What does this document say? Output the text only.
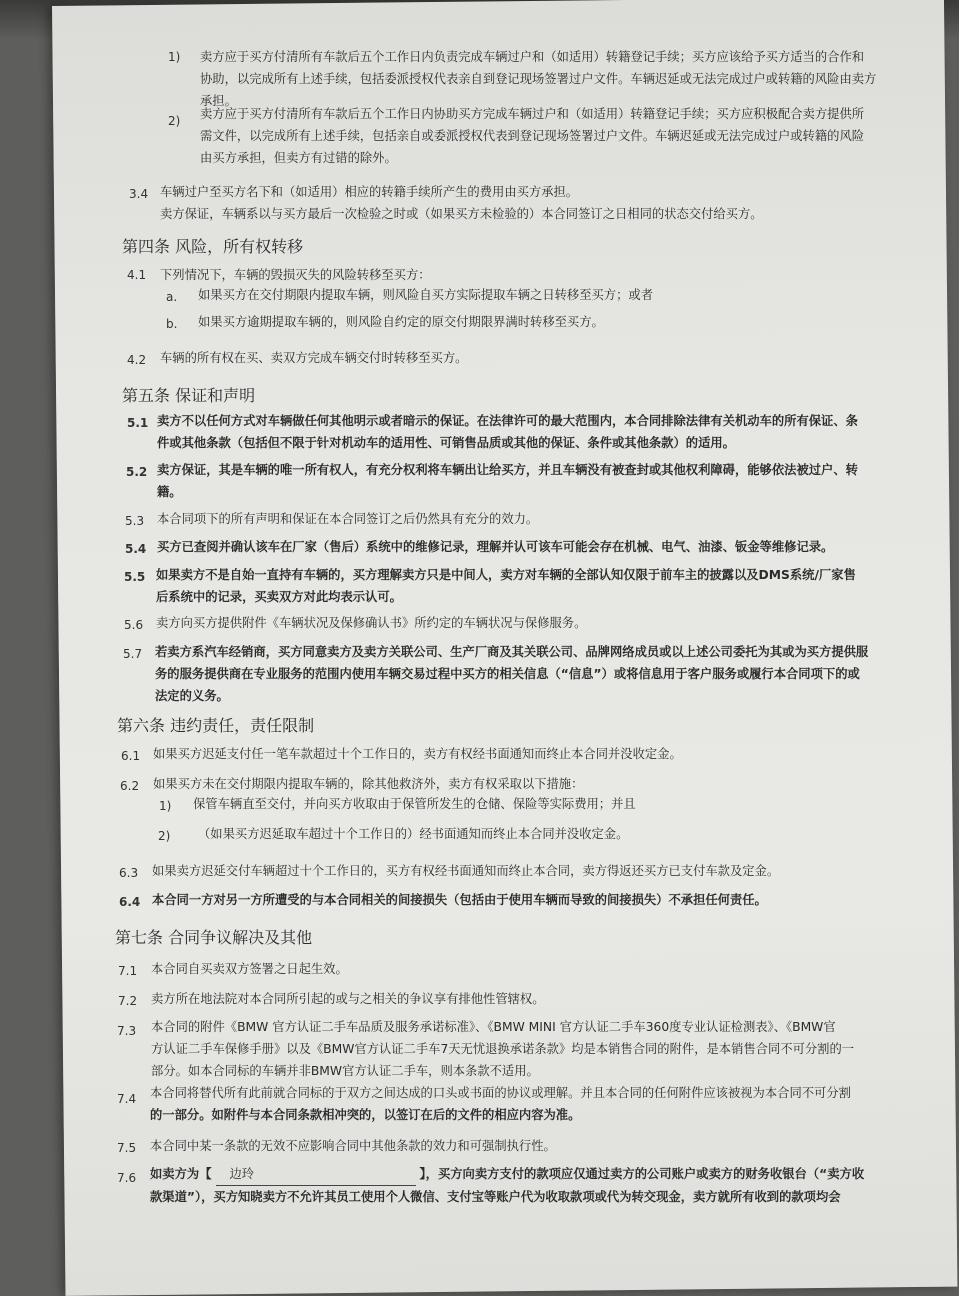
1) 卖方应于买方付清所有车款后五个工作日内负责完成车辆过户和（如适用）转籍登记手续；买方应该给予买方适当的合作和
协助，以完成所有上述手续，包括委派授权代表亲自到登记现场签署过户文件。车辆迟延或无法完成过户或转籍的风险由卖方
承担。
2) 卖方应于买方付清所有车款后五个工作日内协助买方完成车辆过户和（如适用）转籍登记手续；买方应积极配合卖方提供所
需文件，以完成所有上述手续，包括亲自或委派授权代表到登记现场签署过户文件。车辆迟延或无法完成过户或转籍的风险
由买方承担，但卖方有过错的除外。
3.4 车辆过户至买方名下和（如适用）相应的转籍手续所产生的费用由买方承担。
卖方保证，车辆系以与买方最后一次检验之时或（如果买方未检验的）本合同签订之日相同的状态交付给买方。
第四条 风险，所有权转移
4.1 下列情况下，车辆的毁损灭失的风险转移至买方：
a. 如果买方在交付期限内提取车辆，则风险自买方实际提取车辆之日转移至买方；或者
b. 如果买方逾期提取车辆的，则风险自约定的原交付期限界满时转移至买方。
4.2 车辆的所有权在买、卖双方完成车辆交付时转移至买方。
第五条 保证和声明
5.1 卖方不以任何方式对车辆做任何其他明示或者暗示的保证。在法律许可的最大范围内，本合同排除法律有关机动车的所有保证、条
件或其他条款（包括但不限于针对机动车的适用性、可销售品质或其他的保证、条件或其他条款）的适用。
5.2 卖方保证，其是车辆的唯一所有权人，有充分权利将车辆出让给买方，并且车辆没有被查封或其他权利障碍，能够依法被过户、转
籍。
5.3 本合同项下的所有声明和保证在本合同签订之后仍然具有充分的效力。
5.4 买方已查阅并确认该车在厂家（售后）系统中的维修记录，理解并认可该车可能会存在机械、电气、油漆、钣金等维修记录。
5.5 如果卖方不是自始一直持有车辆的，买方理解卖方只是中间人，卖方对车辆的全部认知仅限于前车主的披露以及DMS系统/厂家售
后系统中的记录，买卖双方对此均表示认可。
5.6 卖方向买方提供附件《车辆状况及保修确认书》所约定的车辆状况与保修服务。
5.7 若卖方系汽车经销商，买方同意卖方及卖方关联公司、生产厂商及其关联公司、品牌网络成员或以上述公司委托为其或为买方提供服
务的服务提供商在专业服务的范围内使用车辆交易过程中买方的相关信息（“信息”）或将信息用于客户服务或履行本合同项下的或
法定的义务。
第六条 违约责任，责任限制
6.1 如果买方迟延支付任一笔车款超过十个工作日的，卖方有权经书面通知而终止本合同并没收定金。
6.2 如果买方未在交付期限内提取车辆的，除其他救济外，卖方有权采取以下措施：
1) 保管车辆直至交付，并向买方收取由于保管所发生的仓储、保险等实际费用；并且
2) （如果买方迟延取车超过十个工作日的）经书面通知而终止本合同并没收定金。
6.3 如果卖方迟延交付车辆超过十个工作日的，买方有权经书面通知而终止本合同，卖方得返还买方已支付车款及定金。
6.4 本合同一方对另一方所遭受的与本合同相关的间接损失（包括由于使用车辆而导致的间接损失）不承担任何责任。
第七条 合同争议解决及其他
7.1 本合同自买卖双方签署之日起生效。
7.2 卖方所在地法院对本合同所引起的或与之相关的争议享有排他性管辖权。
7.3 本合同的附件《BMW 官方认证二手车品质及服务承诺标准》、《BMW MINI 官方认证二手车360度专业认证检测表》、《BMW官
方认证二手车保修手册》以及《BMW官方认证二手车7天无忧退换承诺条款》均是本销售合同的附件，是本销售合同不可分割的一
部分。如本合同标的车辆并非BMW官方认证二手车，则本条款不适用。
7.4 本合同将替代所有此前就合同标的于双方之间达成的口头或书面的协议或理解。并且本合同的任何附件应该被视为本合同不可分割
的一部分。如附件与本合同条款相冲突的，以签订在后的文件的相应内容为准。
7.5 本合同中某一条款的无效不应影响合同中其他条款的效力和可强制执行性。
7.6 如卖方为【 边玲	】，买方向卖方支付的款项应仅通过卖方的公司账户或卖方的财务收银台（“卖方收
款渠道”），买方知晓卖方不允许其员工使用个人微信、支付宝等账户代为收取款项或代为转交现金，卖方就所有收到的款项均会
